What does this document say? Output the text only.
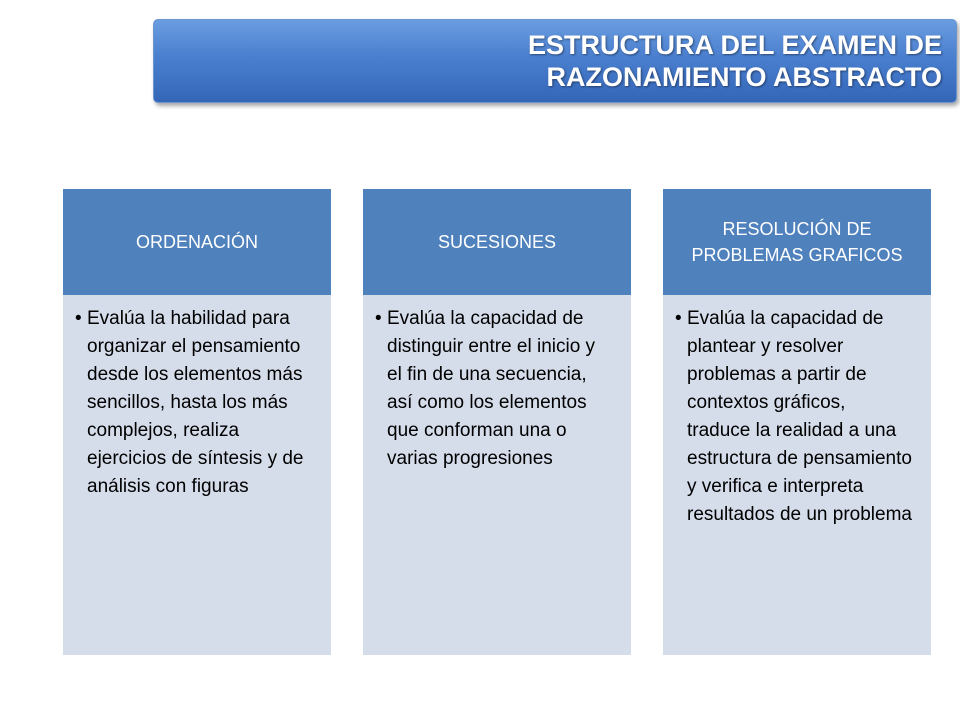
ESTRUCTURA DEL EXAMEN DE
RAZONAMIENTO ABSTRACTO
ORDENACIÓN
• Evalúa la habilidad para organizar el pensamiento desde los elementos más sencillos, hasta los más complejos, realiza ejercicios de síntesis y de análisis con figuras
SUCESIONES
• Evalúa la capacidad de distinguir entre el inicio y el fin de una secuencia, así como los elementos que conforman una o varias progresiones
RESOLUCIÓN DE PROBLEMAS GRAFICOS
• Evalúa la capacidad de plantear y resolver problemas a partir de contextos gráficos, traduce la realidad a una estructura de pensamiento y verifica e interpreta resultados de un problema
